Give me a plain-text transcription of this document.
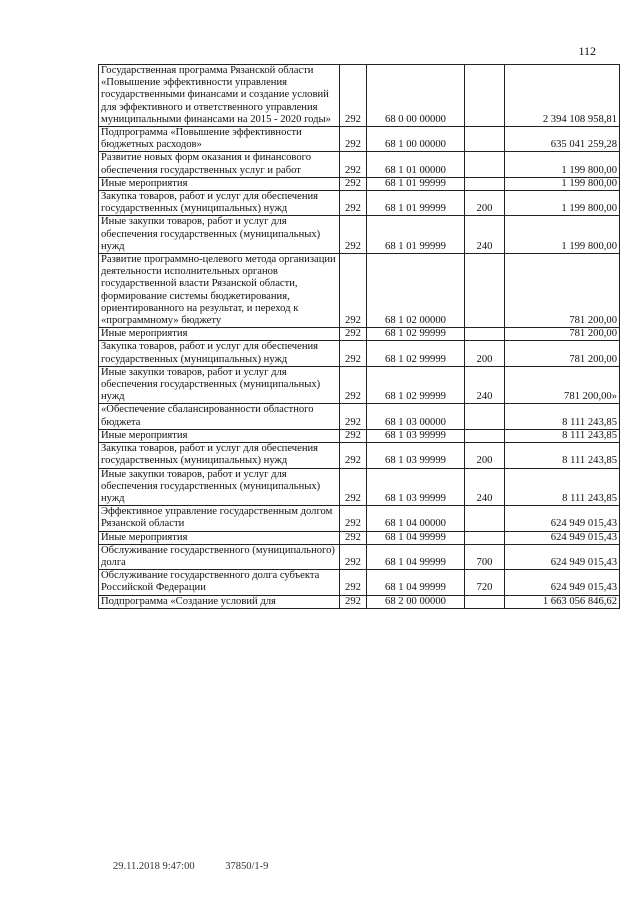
112
Государственная программа Рязанской области «Повышение эффективности управления государственными финансами и создание условий для эффективного и ответственного управления муниципальными финансами на 2015 - 2020 годы»	292	68 0 00 00000		2 394 108 958,81
Подпрограмма «Повышение эффективности бюджетных расходов»	292	68 1 00 00000		635 041 259,28
Развитие новых форм оказания и финансового обеспечения государственных услуг и работ	292	68 1 01 00000		1 199 800,00
Иные мероприятия	292	68 1 01 99999		1 199 800,00
Закупка товаров, работ и услуг для обеспечения государственных (муниципальных) нужд	292	68 1 01 99999	200	1 199 800,00
Иные закупки товаров, работ и услуг для обеспечения государственных (муниципальных) нужд	292	68 1 01 99999	240	1 199 800,00
Развитие программно-целевого метода организации деятельности исполнительных органов государственной власти Рязанской области, формирование системы бюджетирования, ориентированного на результат, и переход к «программному» бюджету	292	68 1 02 00000		781 200,00
Иные мероприятия	292	68 1 02 99999		781 200,00
Закупка товаров, работ и услуг для обеспечения государственных (муниципальных) нужд	292	68 1 02 99999	200	781 200,00
Иные закупки товаров, работ и услуг для обеспечения государственных (муниципальных) нужд	292	68 1 02 99999	240	781 200,00»
«Обеспечение сбалансированности областного бюджета	292	68 1 03 00000		8 111 243,85
Иные мероприятия	292	68 1 03 99999		8 111 243,85
Закупка товаров, работ и услуг для обеспечения государственных (муниципальных) нужд	292	68 1 03 99999	200	8 111 243,85
Иные закупки товаров, работ и услуг для обеспечения государственных (муниципальных) нужд	292	68 1 03 99999	240	8 111 243,85
Эффективное управление государственным долгом Рязанской области	292	68 1 04 00000		624 949 015,43
Иные мероприятия	292	68 1 04 99999		624 949 015,43
Обслуживание государственного (муниципального) долга	292	68 1 04 99999	700	624 949 015,43
Обслуживание государственного долга субъекта Российской Федерации	292	68 1 04 99999	720	624 949 015,43
Подпрограмма «Создание условий для	292	68 2 00 00000		1 663 056 846,62
29.11.2018 9:47:00	37850/1-9
